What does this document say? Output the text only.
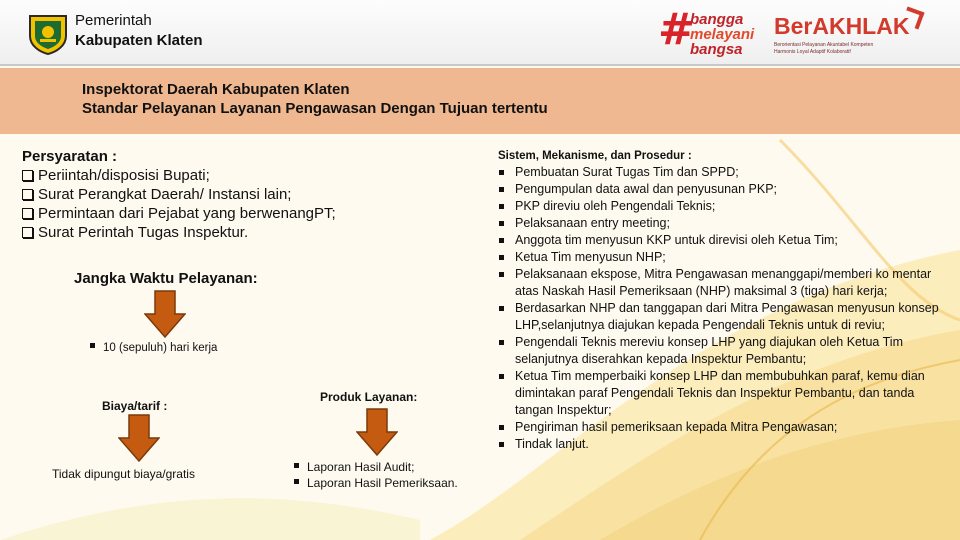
Pemerintah
Kabupaten Klaten	#
bangga
melayani
bangsa
BerAKHLAK
Berorientasi Pelayanan Akuntabel Kompeten
Harmonis Loyal Adaptif Kolaboratif
Inspektorat Daerah Kabupaten Klaten
Standar Pelayanan Layanan Pengawasan Dengan Tujuan tertentu
Persyaratan :
Periintah/disposisi Bupati;
Surat Perangkat Daerah/ Instansi lain;
Permintaan dari Pejabat yang berwenangPT;
Surat Perintah Tugas Inspektur.
Jangka Waktu Pelayanan:
10 (sepuluh) hari kerja
Biaya/tarif :
Tidak dipungut biaya/gratis
Produk Layanan:
Laporan Hasil Audit;
Laporan Hasil Pemeriksaan.
Sistem, Mekanisme, dan Prosedur :
Pembuatan Surat Tugas Tim dan SPPD;
Pengumpulan data awal dan penyusunan PKP;
PKP direviu oleh Pengendali Teknis;
Pelaksanaan entry meeting;
Anggota tim menyusun KKP untuk direvisi oleh Ketua Tim;
Ketua Tim menyusun NHP;
Pelaksanaan ekspose, Mitra Pengawasan menanggapi/memberi ko mentar atas Naskah Hasil Pemeriksaan (NHP) maksimal 3 (tiga) hari kerja;
Berdasarkan NHP dan tanggapan dari Mitra Pengawasan menyusun konsep LHP,selanjutnya diajukan kepada Pengendali Teknis untuk di reviu;
Pengendali Teknis mereviu konsep LHP yang diajukan oleh Ketua Tim selanjutnya diserahkan kepada Inspektur Pembantu;
Ketua Tim memperbaiki konsep LHP dan membubuhkan paraf, kemu dian dimintakan paraf Pengendali Teknis dan Inspektur Pembantu, dan tanda tangan Inspektur;
Pengiriman hasil pemeriksaan kepada Mitra Pengawasan;
Tindak lanjut.
